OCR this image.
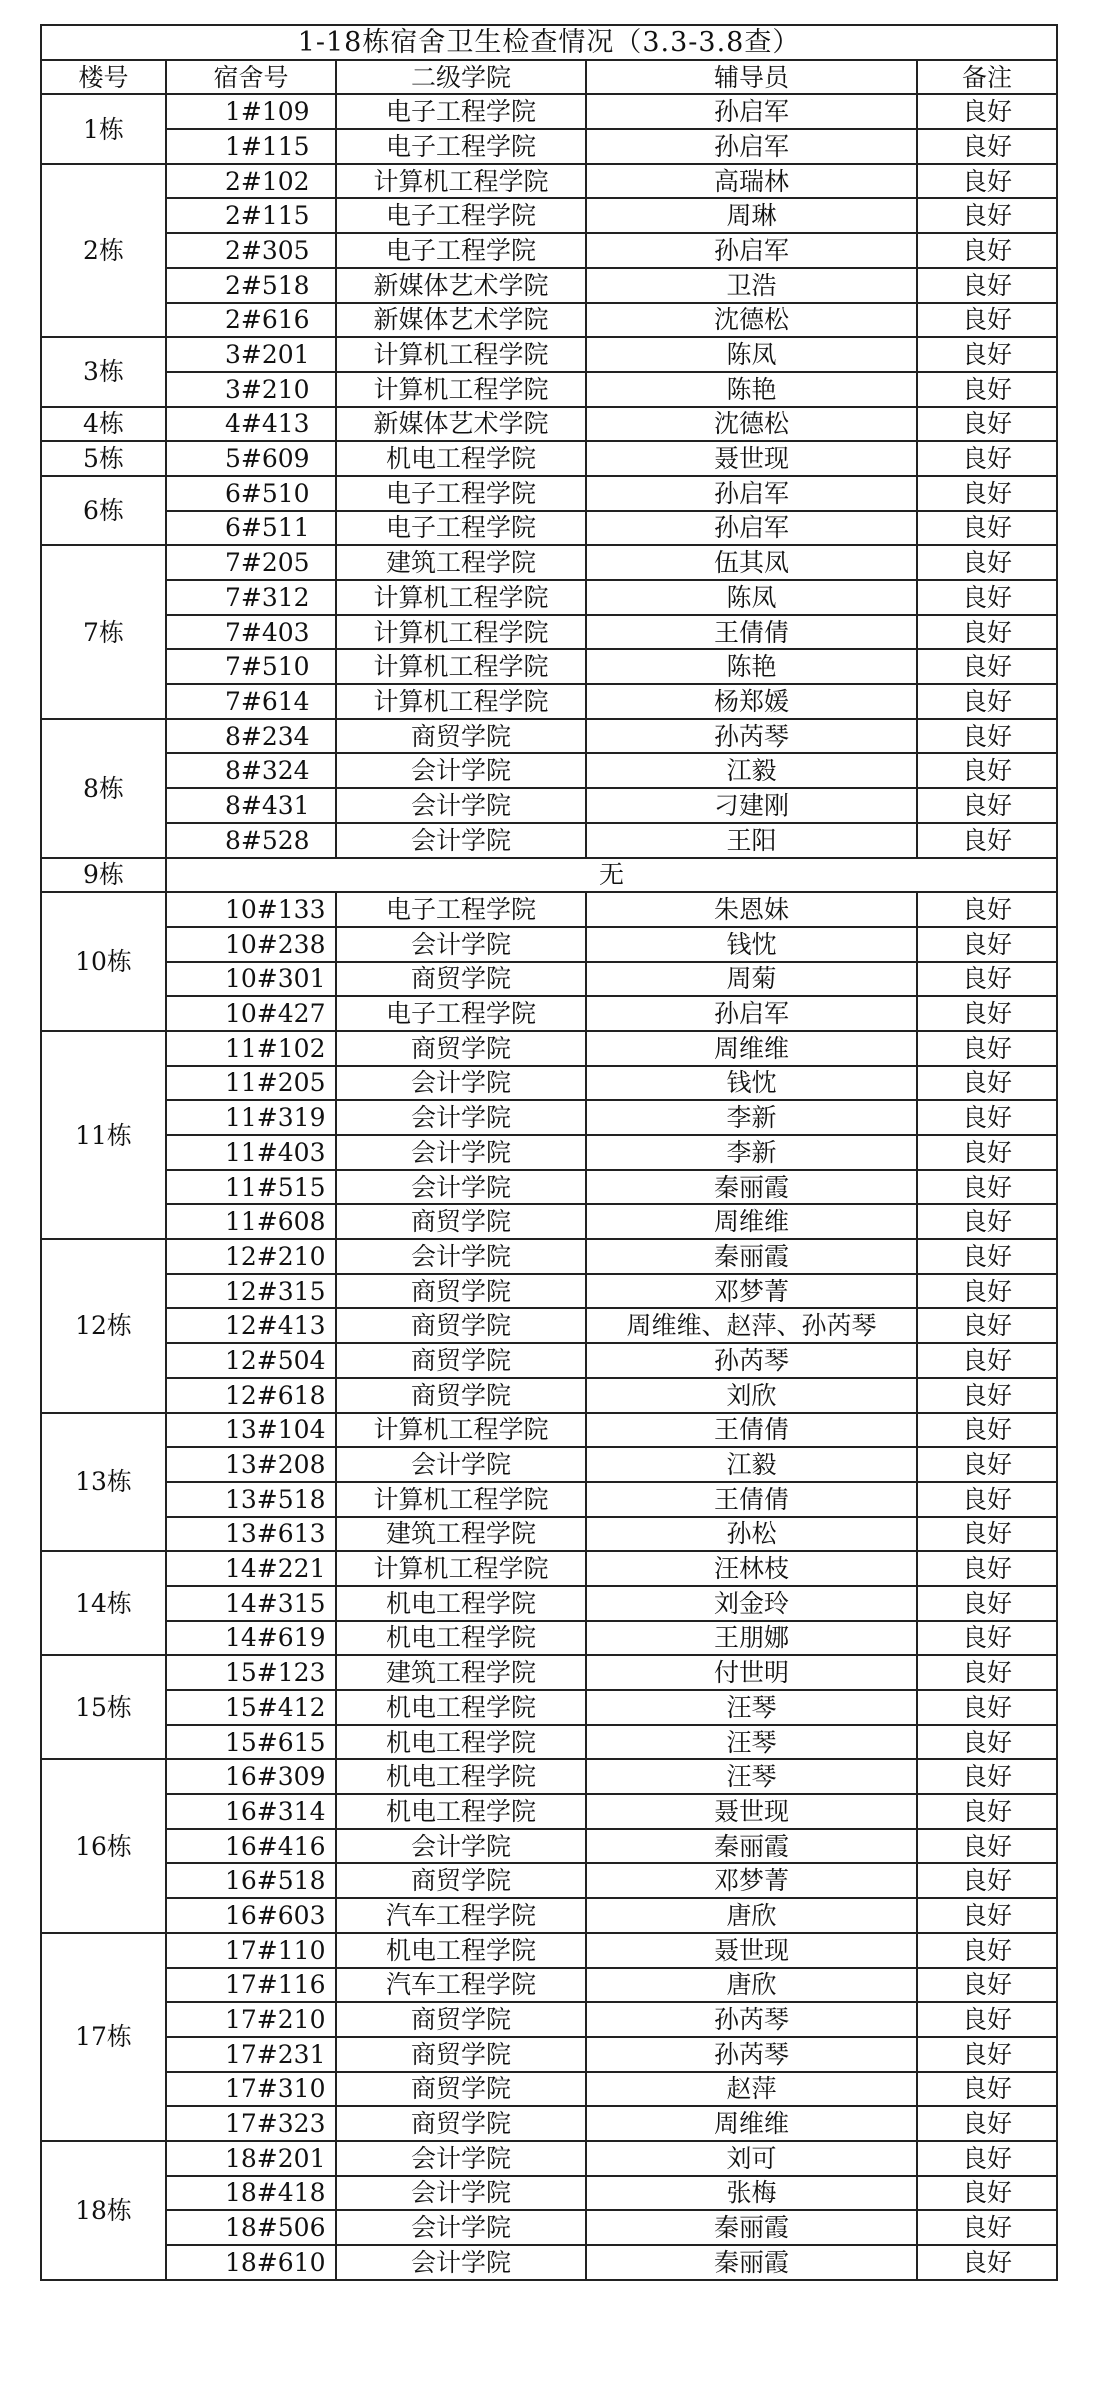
1-18栋宿舍卫生检查情况（3.3-3.8查）				
楼号	宿舍号	二级学院	辅导员	备注
1栋	1#109	电子工程学院	孙启军	良好
	1#115	电子工程学院	孙启军	良好
2栋	2#102	计算机工程学院	高瑞林	良好
	2#115	电子工程学院	周琳	良好
	2#305	电子工程学院	孙启军	良好
	2#518	新媒体艺术学院	卫浩	良好
	2#616	新媒体艺术学院	沈德松	良好
3栋	3#201	计算机工程学院	陈凤	良好
	3#210	计算机工程学院	陈艳	良好
4栋	4#413	新媒体艺术学院	沈德松	良好
5栋	5#609	机电工程学院	聂世现	良好
6栋	6#510	电子工程学院	孙启军	良好
	6#511	电子工程学院	孙启军	良好
7栋	7#205	建筑工程学院	伍其凤	良好
	7#312	计算机工程学院	陈凤	良好
	7#403	计算机工程学院	王倩倩	良好
	7#510	计算机工程学院	陈艳	良好
	7#614	计算机工程学院	杨郑媛	良好
8栋	8#234	商贸学院	孙芮琴	良好
	8#324	会计学院	江毅	良好
	8#431	会计学院	刁建刚	良好
	8#528	会计学院	王阳	良好
9栋	无			
10栋	10#133	电子工程学院	朱恩妹	良好
	10#238	会计学院	钱忱	良好
	10#301	商贸学院	周菊	良好
	10#427	电子工程学院	孙启军	良好
11栋	11#102	商贸学院	周维维	良好
	11#205	会计学院	钱忱	良好
	11#319	会计学院	李新	良好
	11#403	会计学院	李新	良好
	11#515	会计学院	秦丽霞	良好
	11#608	商贸学院	周维维	良好
12栋	12#210	会计学院	秦丽霞	良好
	12#315	商贸学院	邓梦菁	良好
	12#413	商贸学院	周维维、赵萍、孙芮琴	良好
	12#504	商贸学院	孙芮琴	良好
	12#618	商贸学院	刘欣	良好
13栋	13#104	计算机工程学院	王倩倩	良好
	13#208	会计学院	江毅	良好
	13#518	计算机工程学院	王倩倩	良好
	13#613	建筑工程学院	孙松	良好
14栋	14#221	计算机工程学院	汪林枝	良好
	14#315	机电工程学院	刘金玲	良好
	14#619	机电工程学院	王朋娜	良好
15栋	15#123	建筑工程学院	付世明	良好
	15#412	机电工程学院	汪琴	良好
	15#615	机电工程学院	汪琴	良好
16栋	16#309	机电工程学院	汪琴	良好
	16#314	机电工程学院	聂世现	良好
	16#416	会计学院	秦丽霞	良好
	16#518	商贸学院	邓梦菁	良好
	16#603	汽车工程学院	唐欣	良好
17栋	17#110	机电工程学院	聂世现	良好
	17#116	汽车工程学院	唐欣	良好
	17#210	商贸学院	孙芮琴	良好
	17#231	商贸学院	孙芮琴	良好
	17#310	商贸学院	赵萍	良好
	17#323	商贸学院	周维维	良好
18栋	18#201	会计学院	刘可	良好
	18#418	会计学院	张梅	良好
	18#506	会计学院	秦丽霞	良好
	18#610	会计学院	秦丽霞	良好
